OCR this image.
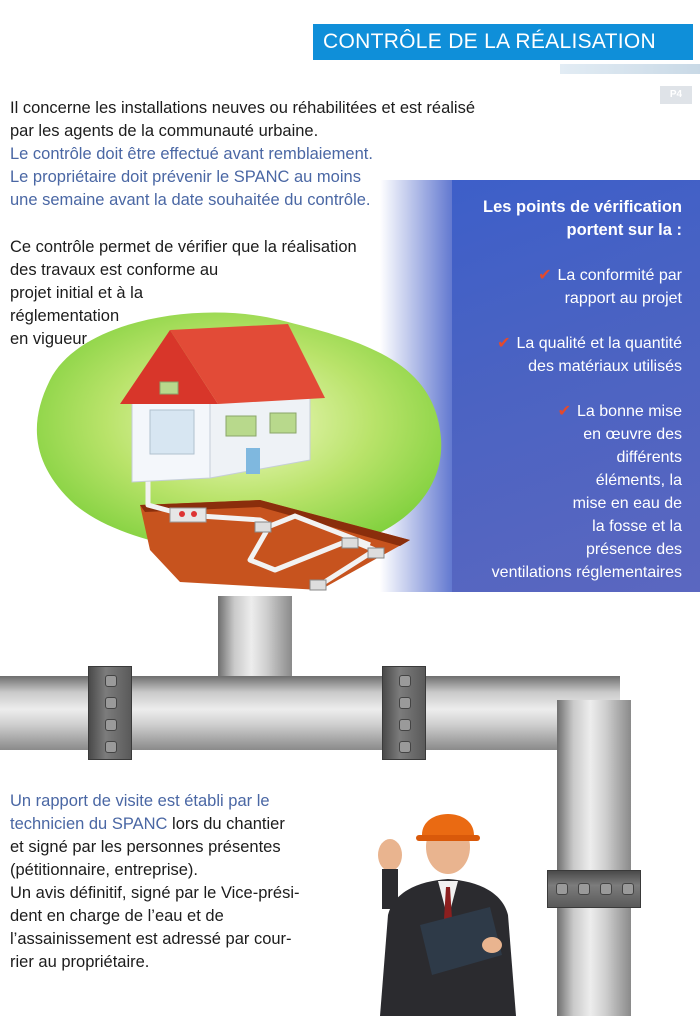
CONTRÔLE DE LA RÉALISATION
P4
Il concerne les installations neuves ou réhabilitées et est réalisé
par les agents de la communauté urbaine.
Le contrôle doit être effectué avant remblaiement.
Le propriétaire doit prévenir le SPANC au moins
une semaine avant la date souhaitée du contrôle.
Ce contrôle permet de vérifier que la réalisation
des travaux est conforme au
projet initial et à la
réglementation
en vigueur.
Les points de vérification
portent sur la :
✔ La conformité par
rapport au projet
✔ La qualité et la quantité
des matériaux utilisés
✔ La bonne mise
en œuvre des
différents
éléments, la
mise en eau de
la fosse et la
présence des
ventilations réglementaires
Un rapport de visite est établi par le
technicien du SPANC lors du chantier
et signé par les personnes présentes
(pétitionnaire, entreprise).
Un avis définitif, signé par le Vice-prési-
dent en charge de l’eau et de
l’assainissement est adressé par cour-
rier au propriétaire.
